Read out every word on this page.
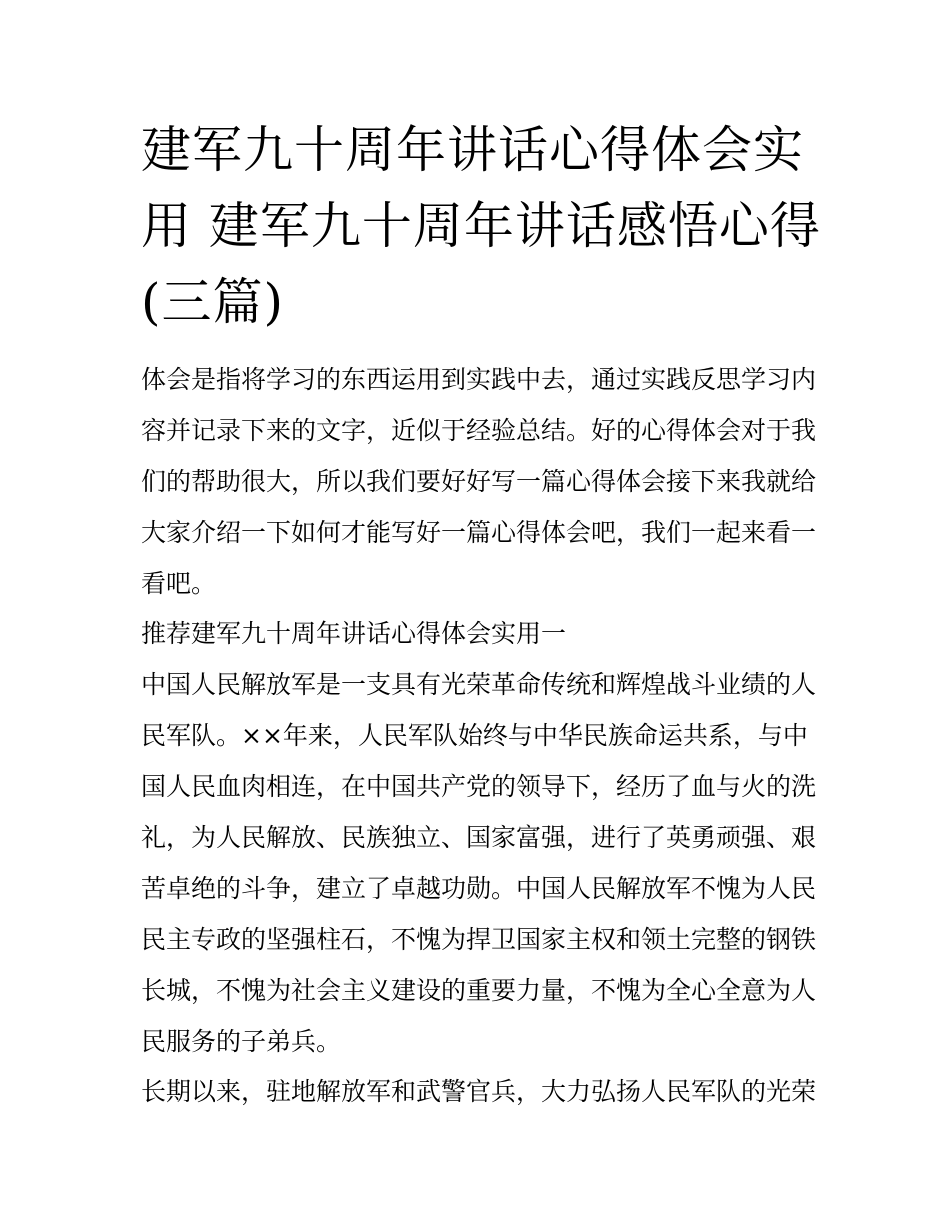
建军九十周年讲话心得体会实
用 建军九十周年讲话感悟心得
(三篇)
体会是指将学习的东西运用到实践中去，通过实践反思学习内
容并记录下来的文字，近似于经验总结。好的心得体会对于我
们的帮助很大，所以我们要好好写一篇心得体会接下来我就给
大家介绍一下如何才能写好一篇心得体会吧，我们一起来看一
看吧。
推荐建军九十周年讲话心得体会实用一
中国人民解放军是一支具有光荣革命传统和辉煌战斗业绩的人
民军队。××年来，人民军队始终与中华民族命运共系，与中
国人民血肉相连，在中国共产党的领导下，经历了血与火的洗
礼，为人民解放、民族独立、国家富强，进行了英勇顽强、艰
苦卓绝的斗争，建立了卓越功勋。中国人民解放军不愧为人民
民主专政的坚强柱石，不愧为捍卫国家主权和领土完整的钢铁
长城，不愧为社会主义建设的重要力量，不愧为全心全意为人
民服务的子弟兵。
长期以来，驻地解放军和武警官兵，大力弘扬人民军队的光荣
